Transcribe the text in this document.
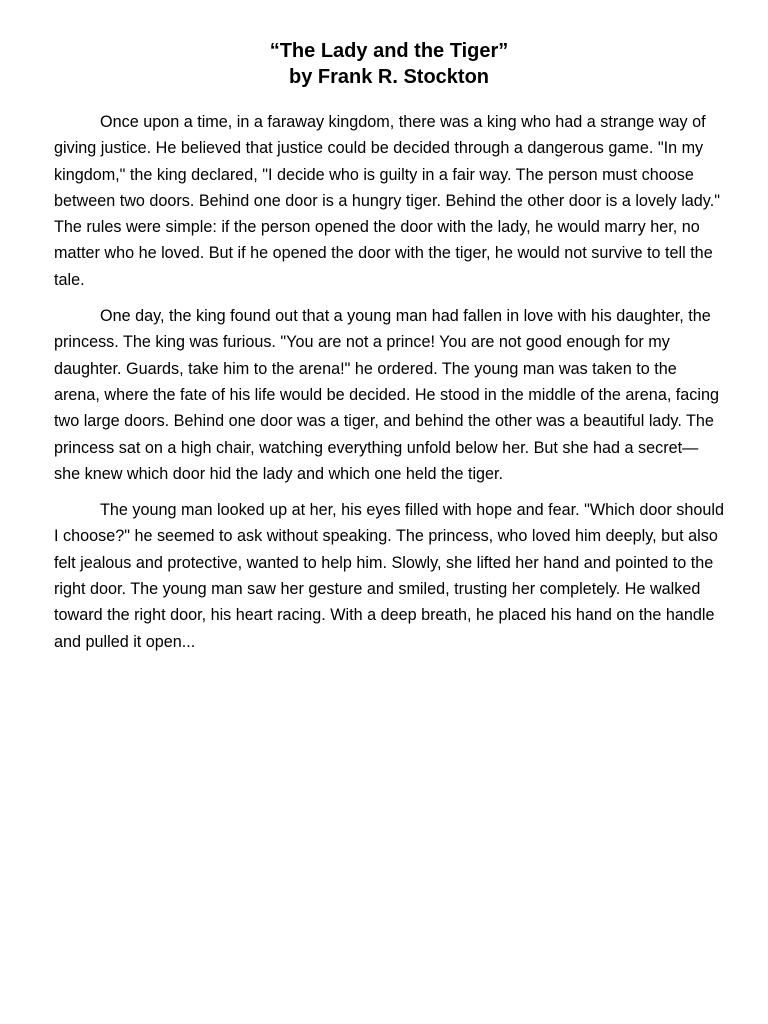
“The Lady and the Tiger”
by Frank R. Stockton

Once upon a time, in a faraway kingdom, there was a king who had a strange way of giving justice. He believed that justice could be decided through a dangerous game. "In my kingdom," the king declared, "I decide who is guilty in a fair way. The person must choose between two doors. Behind one door is a hungry tiger. Behind the other door is a lovely lady." The rules were simple: if the person opened the door with the lady, he would marry her, no matter who he loved. But if he opened the door with the tiger, he would not survive to tell the tale.

One day, the king found out that a young man had fallen in love with his daughter, the princess. The king was furious. "You are not a prince! You are not good enough for my daughter. Guards, take him to the arena!" he ordered. The young man was taken to the arena, where the fate of his life would be decided. He stood in the middle of the arena, facing two large doors. Behind one door was a tiger, and behind the other was a beautiful lady. The princess sat on a high chair, watching everything unfold below her. But she had a secret—she knew which door hid the lady and which one held the tiger.

The young man looked up at her, his eyes filled with hope and fear. "Which door should I choose?" he seemed to ask without speaking. The princess, who loved him deeply, but also felt jealous and protective, wanted to help him. Slowly, she lifted her hand and pointed to the right door. The young man saw her gesture and smiled, trusting her completely. He walked toward the right door, his heart racing. With a deep breath, he placed his hand on the handle and pulled it open...
